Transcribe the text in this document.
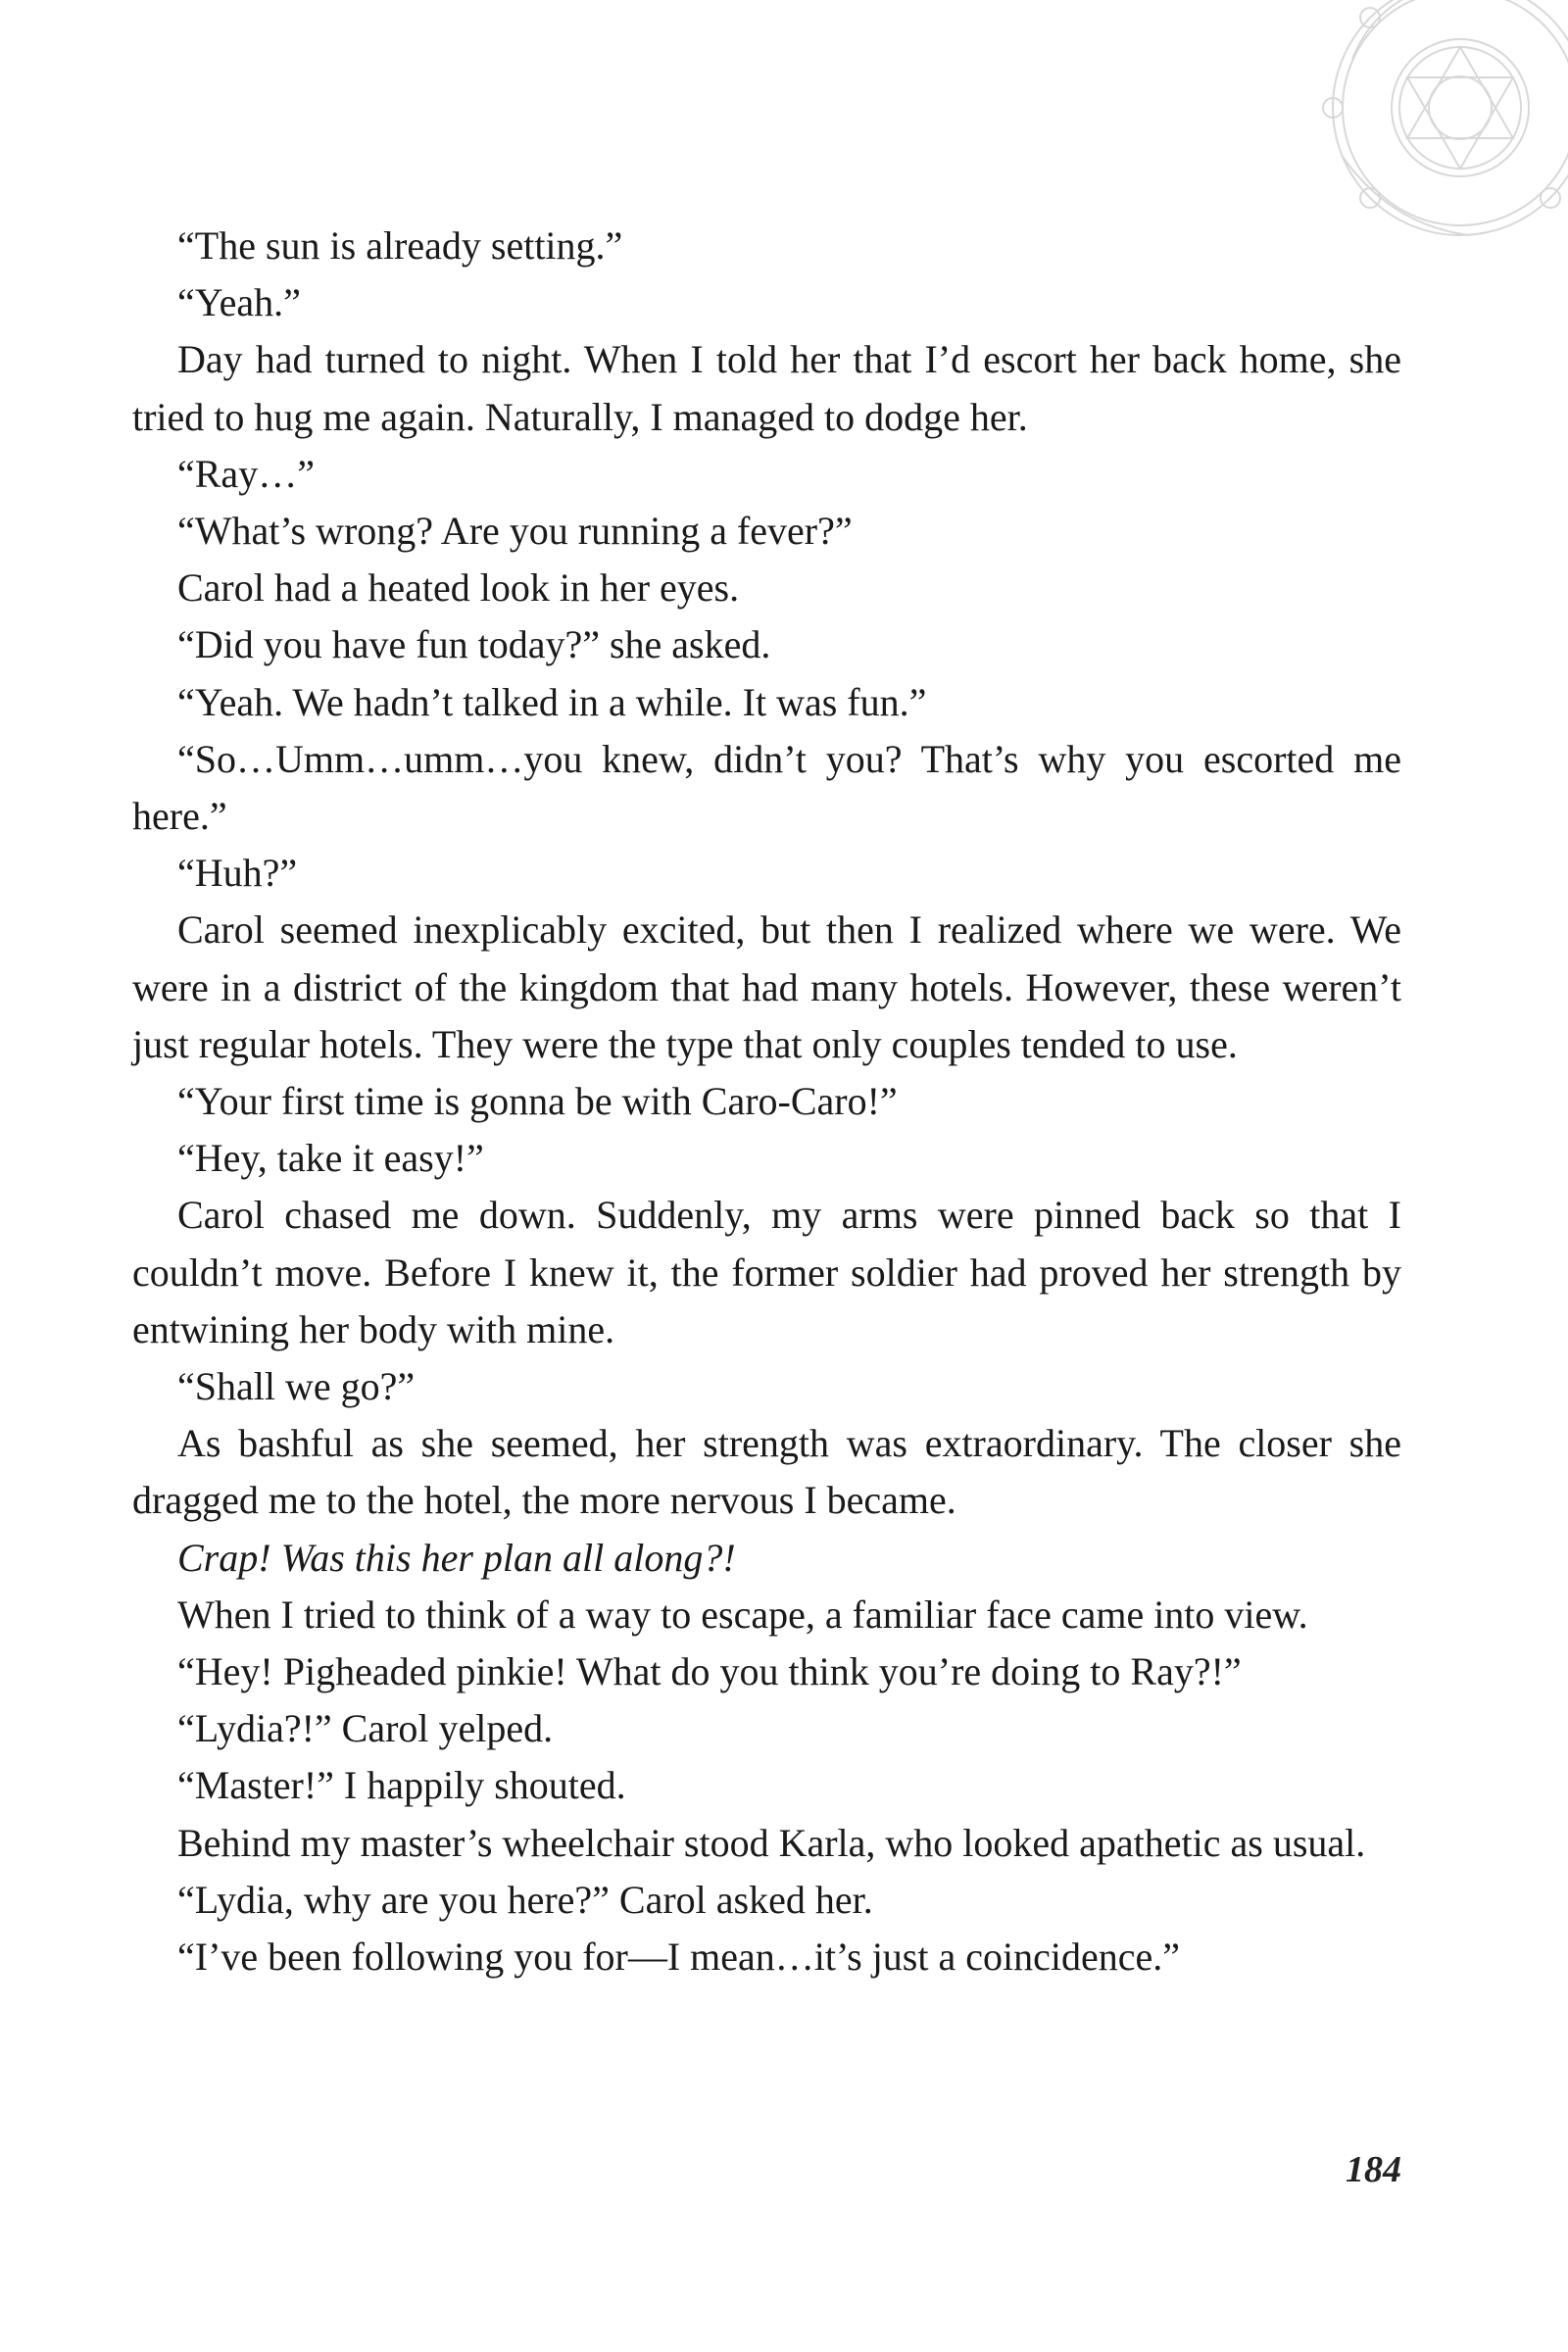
“The sun is already setting.”

“Yeah.”

Day had turned to night. When I told her that I’d escort her back home, she tried to hug me again. Naturally, I managed to dodge her.

“Ray…”

“What’s wrong? Are you running a fever?”

Carol had a heated look in her eyes.

“Did you have fun today?” she asked.

“Yeah. We hadn’t talked in a while. It was fun.”

“So…Umm…umm…you knew, didn’t you? That’s why you escorted me here.”

“Huh?”

Carol seemed inexplicably excited, but then I realized where we were. We were in a district of the kingdom that had many hotels. However, these weren’t just regular hotels. They were the type that only couples tended to use.

“Your first time is gonna be with Caro-Caro!”

“Hey, take it easy!”

Carol chased me down. Suddenly, my arms were pinned back so that I couldn’t move. Before I knew it, the former soldier had proved her strength by entwining her body with mine.

“Shall we go?”

As bashful as she seemed, her strength was extraordinary. The closer she dragged me to the hotel, the more nervous I became.

Crap! Was this her plan all along?!

When I tried to think of a way to escape, a familiar face came into view.

“Hey! Pigheaded pinkie! What do you think you’re doing to Ray?!”

“Lydia?!” Carol yelped.

“Master!” I happily shouted.

Behind my master’s wheelchair stood Karla, who looked apathetic as usual.

“Lydia, why are you here?” Carol asked her.

“I’ve been following you for—I mean…it’s just a coincidence.”

184
